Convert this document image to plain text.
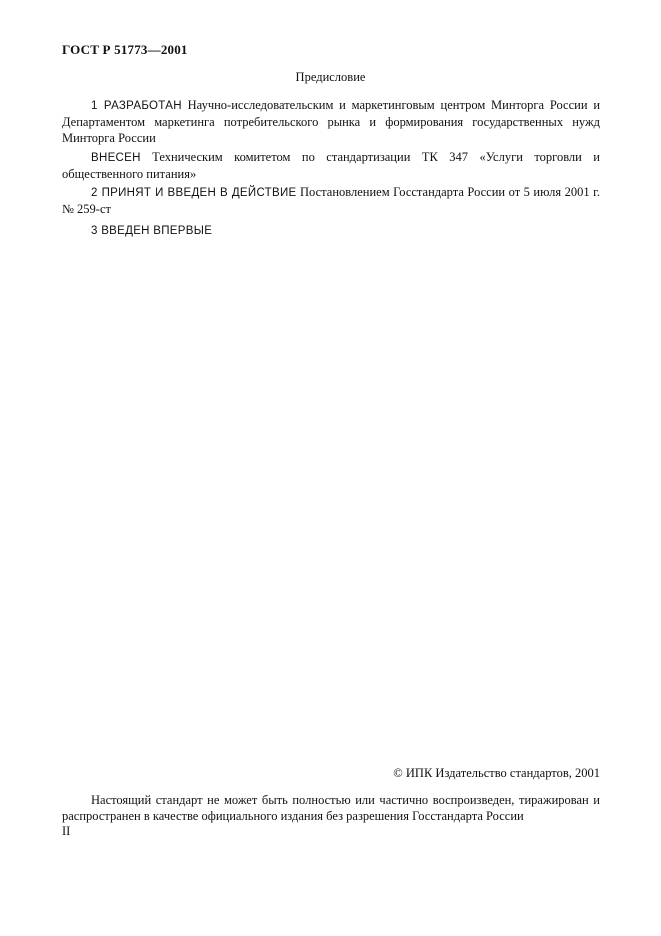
ГОСТ Р 51773—2001
Предисловие
1 РАЗРАБОТАН Научно-исследовательским и маркетинговым центром Минторга России и Департаментом маркетинга потребительского рынка и формирования государственных нужд Минторга России
ВНЕСЕН Техническим комитетом по стандартизации ТК 347 «Услуги торговли и общественного питания»
2 ПРИНЯТ И ВВЕДЕН В ДЕЙСТВИЕ Постановлением Госстандарта России от 5 июля 2001 г. № 259-ст
3 ВВЕДЕН ВПЕРВЫЕ
© ИПК Издательство стандартов, 2001
Настоящий стандарт не может быть полностью или частично воспроизведен, тиражирован и распространен в качестве официального издания без разрешения Госстандарта России
II
